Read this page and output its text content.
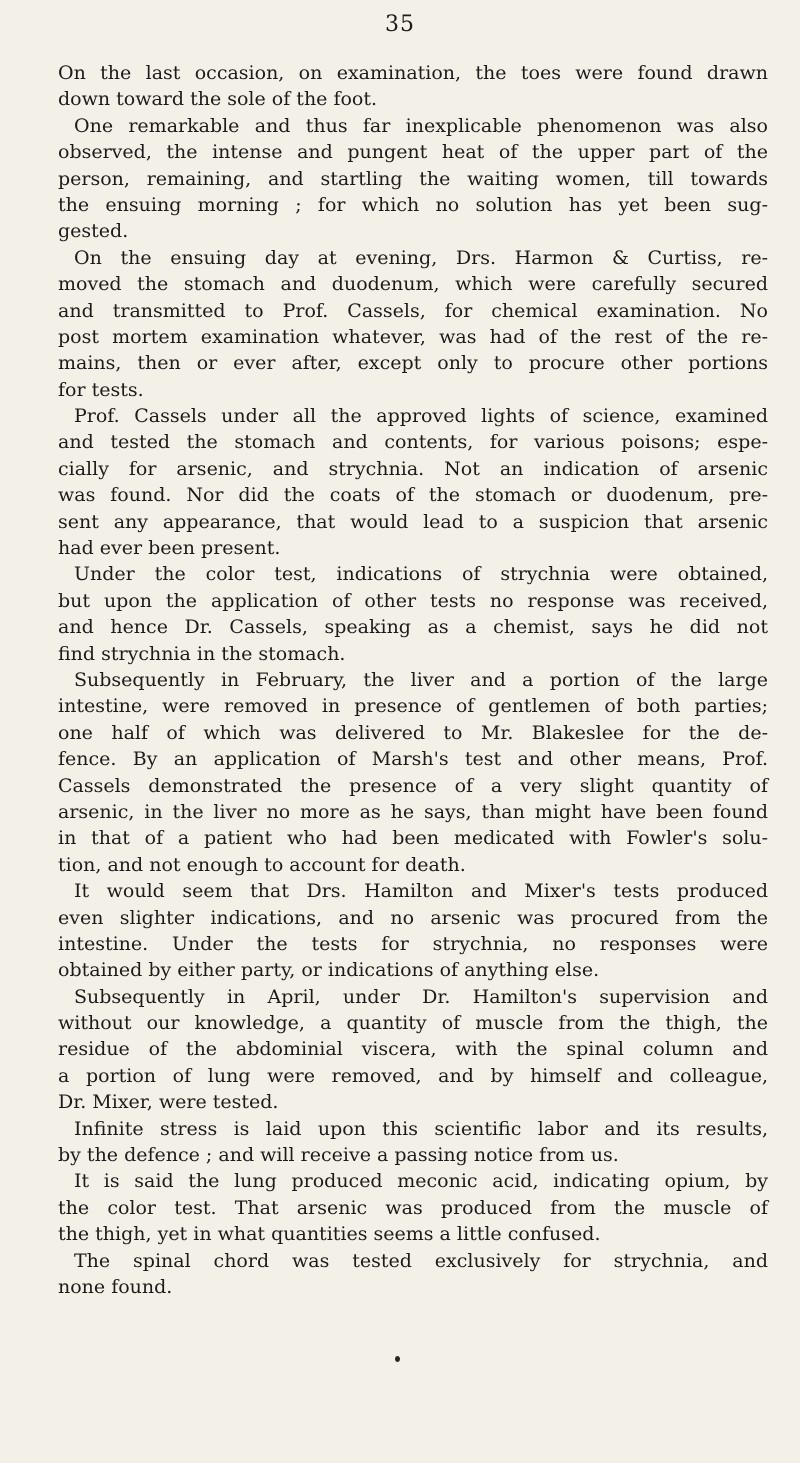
35
On the last occasion, on examination, the toes were found drawn
down toward the sole of the foot.
One remarkable and thus far inexplicable phenomenon was also
observed, the intense and pungent heat of the upper part of the
person, remaining, and startling the waiting women, till towards
the ensuing morning ; for which no solution has yet been sug-
gested.
On the ensuing day at evening, Drs. Harmon & Curtiss, re-
moved the stomach and duodenum, which were carefully secured
and transmitted to Prof. Cassels, for chemical examination. No
post mortem examination whatever, was had of the rest of the re-
mains, then or ever after, except only to procure other portions
for tests.
Prof. Cassels under all the approved lights of science, examined
and tested the stomach and contents, for various poisons; espe-
cially for arsenic, and strychnia. Not an indication of arsenic
was found. Nor did the coats of the stomach or duodenum, pre-
sent any appearance, that would lead to a suspicion that arsenic
had ever been present.
Under the color test, indications of strychnia were obtained,
but upon the application of other tests no response was received,
and hence Dr. Cassels, speaking as a chemist, says he did not
find strychnia in the stomach.
Subsequently in February, the liver and a portion of the large
intestine, were removed in presence of gentlemen of both parties;
one half of which was delivered to Mr. Blakeslee for the de-
fence. By an application of Marsh's test and other means, Prof.
Cassels demonstrated the presence of a very slight quantity of
arsenic, in the liver no more as he says, than might have been found
in that of a patient who had been medicated with Fowler's solu-
tion, and not enough to account for death.
It would seem that Drs. Hamilton and Mixer's tests produced
even slighter indications, and no arsenic was procured from the
intestine. Under the tests for strychnia, no responses were
obtained by either party, or indications of anything else.
Subsequently in April, under Dr. Hamilton's supervision and
without our knowledge, a quantity of muscle from the thigh, the
residue of the abdominial viscera, with the spinal column and
a portion of lung were removed, and by himself and colleague,
Dr. Mixer, were tested.
Infinite stress is laid upon this scientific labor and its results,
by the defence ; and will receive a passing notice from us.
It is said the lung produced meconic acid, indicating opium, by
the color test. That arsenic was produced from the muscle of
the thigh, yet in what quantities seems a little confused.
The spinal chord was tested exclusively for strychnia, and
none found.
